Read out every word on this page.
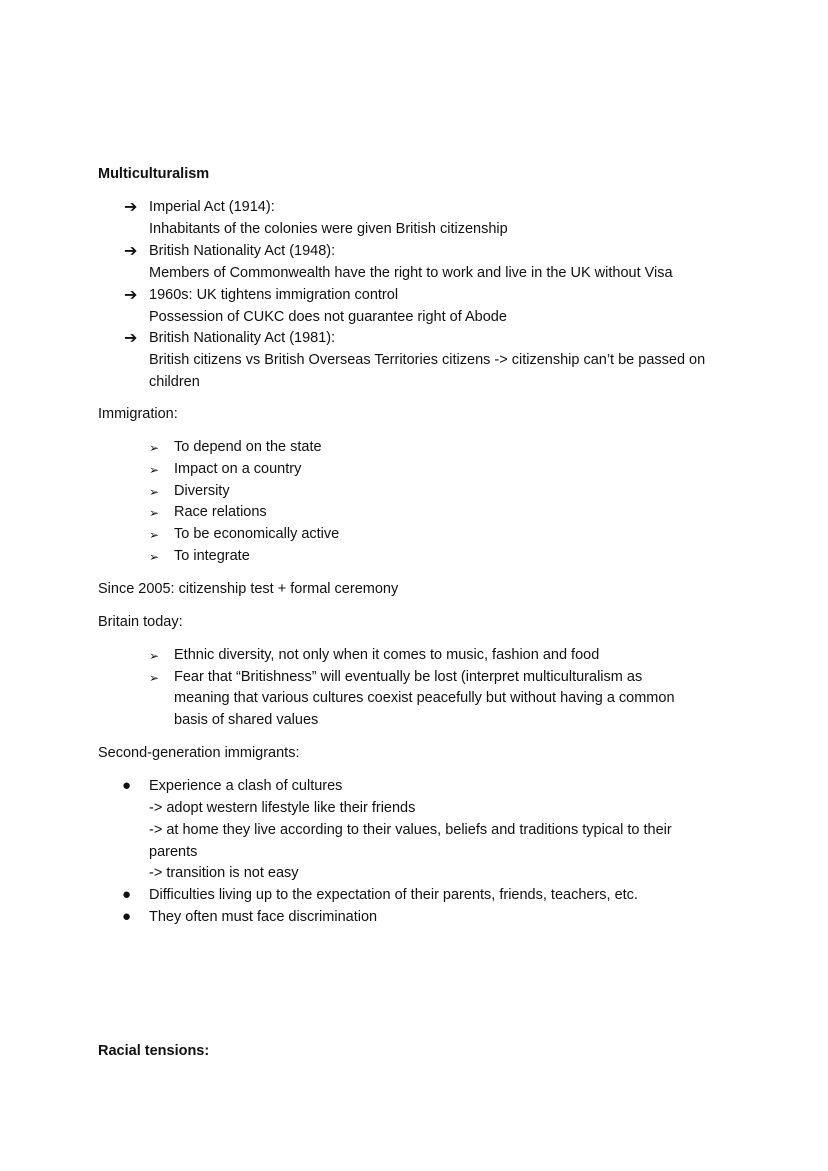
Multiculturalism
➔ Imperial Act (1914):
Inhabitants of the colonies were given British citizenship
➔ British Nationality Act (1948):
Members of Commonwealth have the right to work and live in the UK without Visa
➔ 1960s: UK tightens immigration control
Possession of CUKC does not guarantee right of Abode
➔ British Nationality Act (1981):
British citizens vs British Overseas Territories citizens -> citizenship can’t be passed on
children
Immigration:
➢ To depend on the state
➢ Impact on a country
➢ Diversity
➢ Race relations
➢ To be economically active
➢ To integrate
Since 2005: citizenship test + formal ceremony
Britain today:
➢ Ethnic diversity, not only when it comes to music, fashion and food
➢ Fear that “Britishness” will eventually be lost (interpret multiculturalism as
meaning that various cultures coexist peacefully but without having a common
basis of shared values
Second-generation immigrants:
● Experience a clash of cultures
-> adopt western lifestyle like their friends
-> at home they live according to their values, beliefs and traditions typical to their
parents
-> transition is not easy
● Difficulties living up to the expectation of their parents, friends, teachers, etc.
● They often must face discrimination
Racial tensions:
